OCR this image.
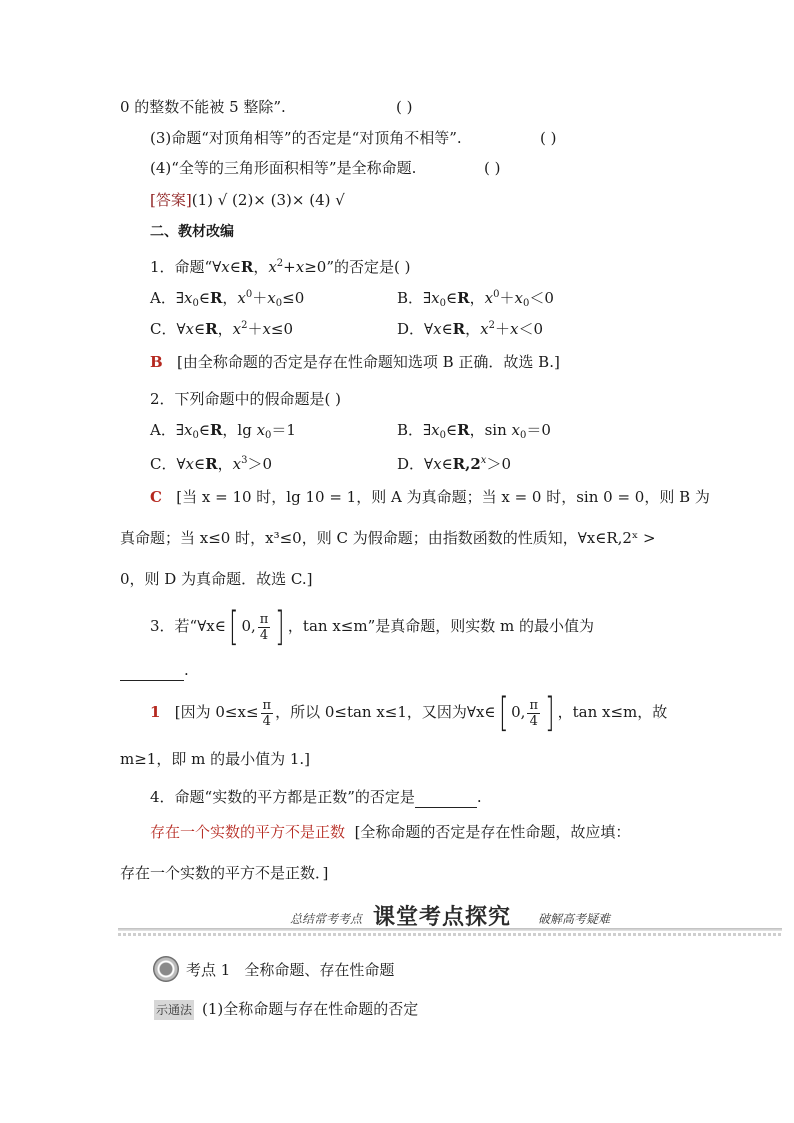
0 的整数不能被 5 整除”.	( )
(3)命题“对顶角相等”的否定是“对顶角不相等”.	( )
(4)“全等的三角形面积相等”是全称命题.	( )
[答案](1) √ (2)× (3)× (4) √
二、教材改编
1．命题“∀x∈R，$x^2+x\ge 0$”的否定是( )
A．$\exists x_0\in R$，$x^0+x_0\le 0$	B．$\exists x_0\in R$，$x^0+x_0<0$
C．∀x∈R，$x^2+x\le 0$	D．∀x∈R，$x^2+x<0$
B [由全称命题的否定是存在性命题知选项 B 正确．故选 B.]
2．下列命题中的假命题是( )
A．$\exists x_0\in R$，$\lg x_0=1$	B．$\exists x_0\in R$，$\sin x_0=0$
C．∀x∈R，$x^3>0$	D．$\forall x\in R,2^x>0$
C [当 x = 10 时，lg 10 = 1，则 A 为真命题；当 x = 0 时，sin 0 = 0，则 B 为
真命题；当 x≤0 时，x³≤0，则 C 为假命题；由指数函数的性质知，∀x∈R,2ˣ >
0，则 D 为真命题．故选 C.]
3．若“∀x∈[ 0, $\frac{\pi}{4}$ ] ，tan x≤m”是真命题，则实数 m 的最小值为
.
1 [因为 $0\le x\le \frac{\pi}{4}$ ，所以 0≤tan x≤1，又因为∀x∈[ 0, $\frac{\pi}{4}$ ] ，tan x≤m，故
m≥1，即 m 的最小值为 1.]
4．命题“实数的平方都是正数”的否定是	.
存在一个实数的平方不是正数 [全称命题的否定是存在性命题，故应填：
存在一个实数的平方不是正数．]
总结常考考点 课堂考点探究 破解高考疑难
考点 1 全称命题、存在性命题
示通法 (1)全称命题与存在性命题的否定
